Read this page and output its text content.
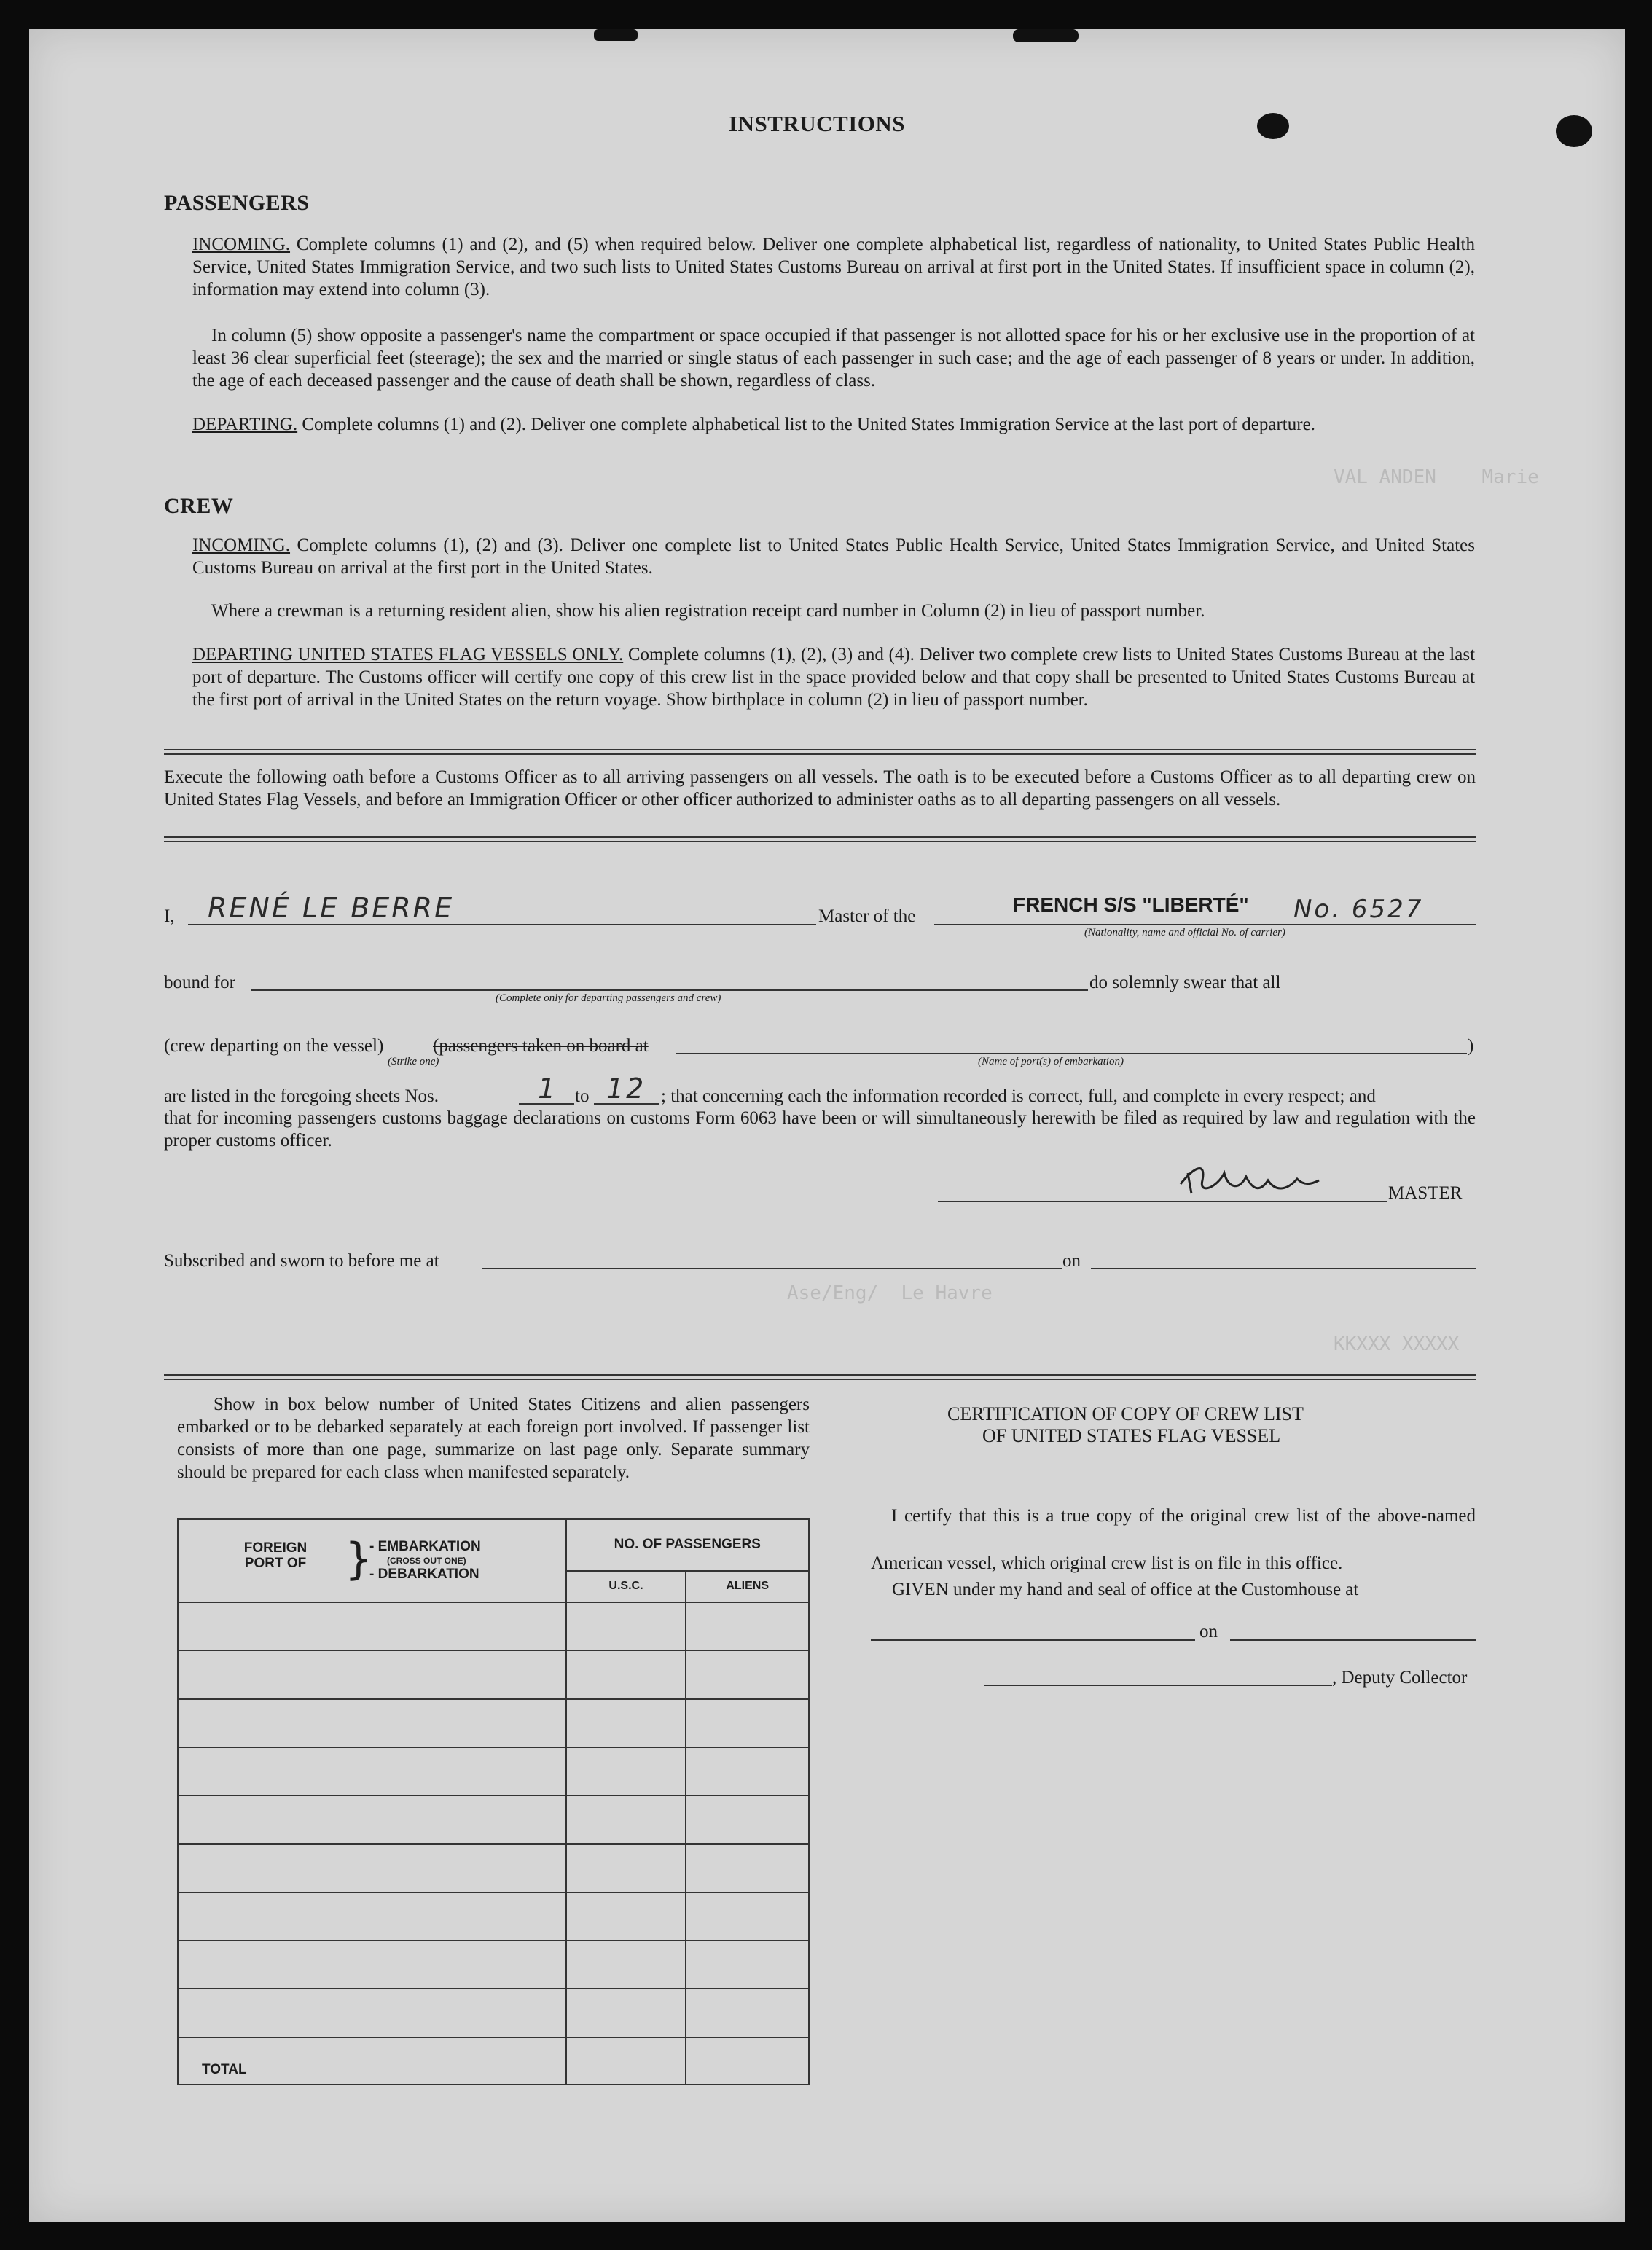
VAL ANDEN    Marie
Ase/Eng/  Le Havre
KKXXX XXXXX
INSTRUCTIONS
PASSENGERS
INCOMING. Complete columns (1) and (2), and (5) when required below. Deliver one complete alphabetical list, regardless of nationality, to United States Public Health Service, United States Immigration Service, and two such lists to United States Customs Bureau on arrival at first port in the United States. If insufficient space in column (2), information may extend into column (3).
In column (5) show opposite a passenger's name the compartment or space occupied if that passenger is not allotted space for his or her exclusive use in the proportion of at least 36 clear superficial feet (steerage); the sex and the married or single status of each passenger in such case; and the age of each passenger of 8 years or under. In addition, the age of each deceased passenger and the cause of death shall be shown, regardless of class.
DEPARTING. Complete columns (1) and (2). Deliver one complete alphabetical list to the United States Immigration Service at the last port of departure.
CREW
INCOMING. Complete columns (1), (2) and (3). Deliver one complete list to United States Public Health Service, United States Immigration Service, and United States Customs Bureau on arrival at the first port in the United States.
Where a crewman is a returning resident alien, show his alien registration receipt card number in Column (2) in lieu of passport number.
DEPARTING UNITED STATES FLAG VESSELS ONLY. Complete columns (1), (2), (3) and (4). Deliver two complete crew lists to United States Customs Bureau at the last port of departure. The Customs officer will certify one copy of this crew list in the space provided below and that copy shall be presented to United States Customs Bureau at the first port of arrival in the United States on the return voyage. Show birthplace in column (2) in lieu of passport number.
Execute the following oath before a Customs Officer as to all arriving passengers on all vessels. The oath is to be executed before a Customs Officer as to all departing crew on United States Flag Vessels, and before an Immigration Officer or other officer authorized to administer oaths as to all departing passengers on all vessels.
I, RENÉ LE BERRE	Master of the
FRENCH S/S "LIBERTÉ" No. 6527
(Nationality, name and official No. of carrier)
bound for
(Complete only for departing passengers and crew)
do solemnly swear that all
(crew departing on the vessel)	(passengers taken on board at
(Strike one)	(Name of port(s) of embarkation)
)
are listed in the foregoing sheets Nos.	1 to 12 ; that concerning each the information recorded is correct, full, and complete in every respect; and
that for incoming passengers customs baggage declarations on customs Form 6063 have been or will simultaneously herewith be filed as required by law and regulation with the proper customs officer.
MASTER
Subscribed and sworn to before me at	on
Show in box below number of United States Citizens and alien passengers embarked or to be debarked separately at each foreign port involved. If passenger list consists of more than one page, summarize on last page only. Separate summary should be prepared for each class when manifested separately.
FOREIGN PORT OF }
- EMBARKATION
(CROSS OUT ONE)
- DEBARKATION	NO. OF PASSENGERS	
	U.S.C.	ALIENS

TOTAL		
CERTIFICATION OF COPY OF CREW LIST
OF UNITED STATES FLAG VESSEL
I certify that this is a true copy of the original crew list of the above-named American vessel, which original crew list is on file in this office.
GIVEN under my hand and seal of office at the Customhouse at
on
, Deputy Collector
